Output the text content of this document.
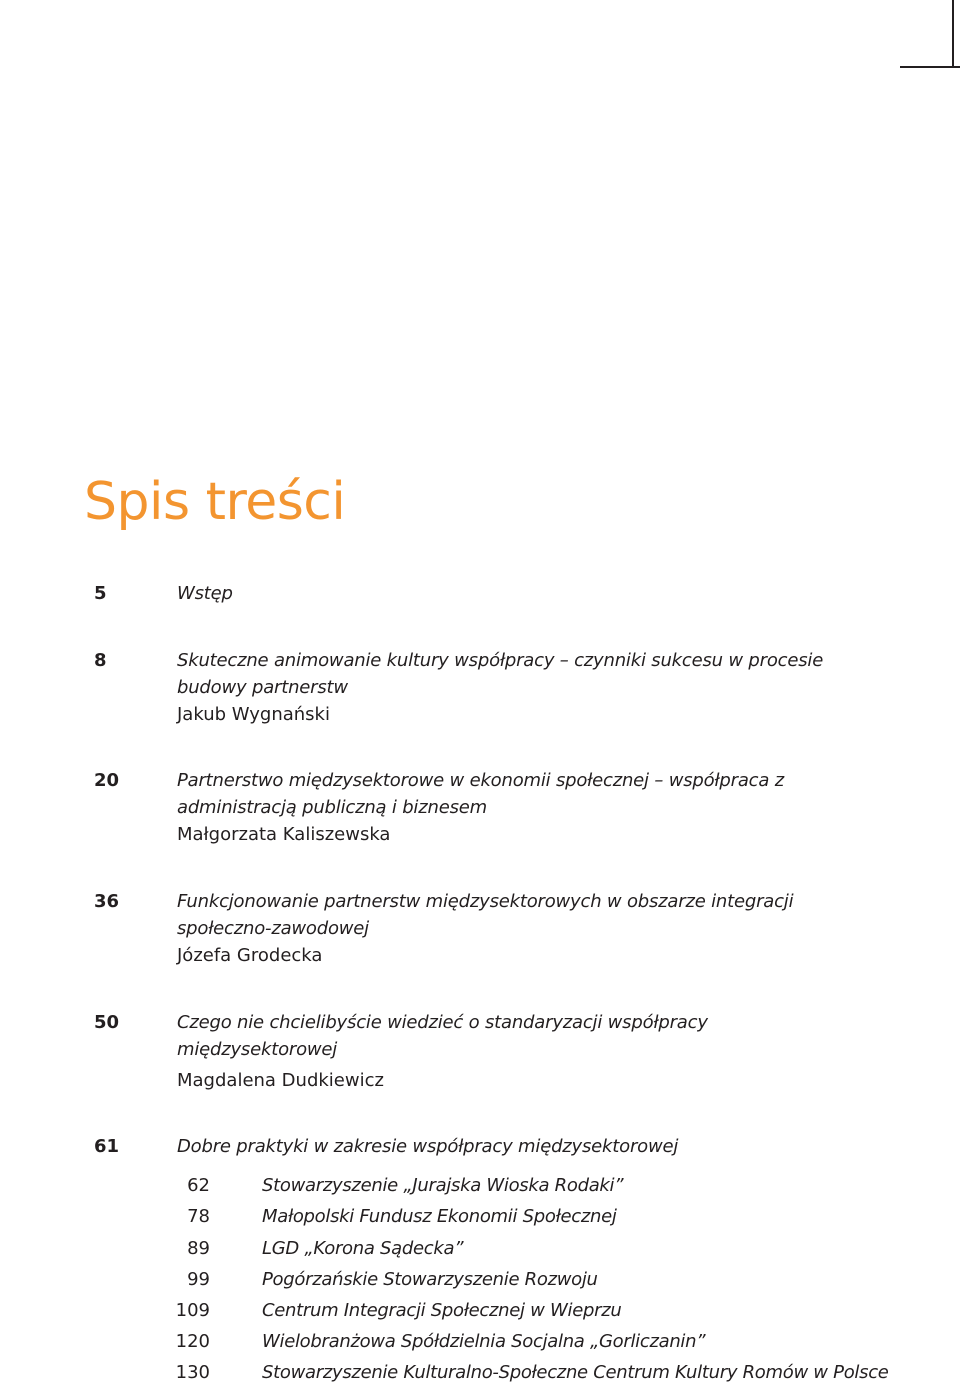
Spis treści
5	Wstęp
8	Skuteczne animowanie kultury współpracy – czynniki sukcesu w procesie budowy partnerstw
Jakub Wygnański
20	Partnerstwo międzysektorowe w ekonomii społecznej – współpraca z administracją publiczną i biznesem
Małgorzata Kaliszewska
36	Funkcjonowanie partnerstw międzysektorowych w obszarze integracji społeczno-zawodowej
Józefa Grodecka
50	Czego nie chcielibyście wiedzieć o standaryzacji współpracy międzysektorowej
Magdalena Dudkiewicz
61	Dobre praktyki w zakresie współpracy międzysektorowej
62	Stowarzyszenie „Jurajska Wioska Rodaki”
78	Małopolski Fundusz Ekonomii Społecznej
89	LGD „Korona Sądecka”
99	Pogórzańskie Stowarzyszenie Rozwoju
109	Centrum Integracji Społecznej w Wieprzu
120	Wielobranżowa Spółdzielnia Socjalna „Gorliczanin”
130	Stowarzyszenie Kulturalno-Społeczne Centrum Kultury Romów w Polsce
